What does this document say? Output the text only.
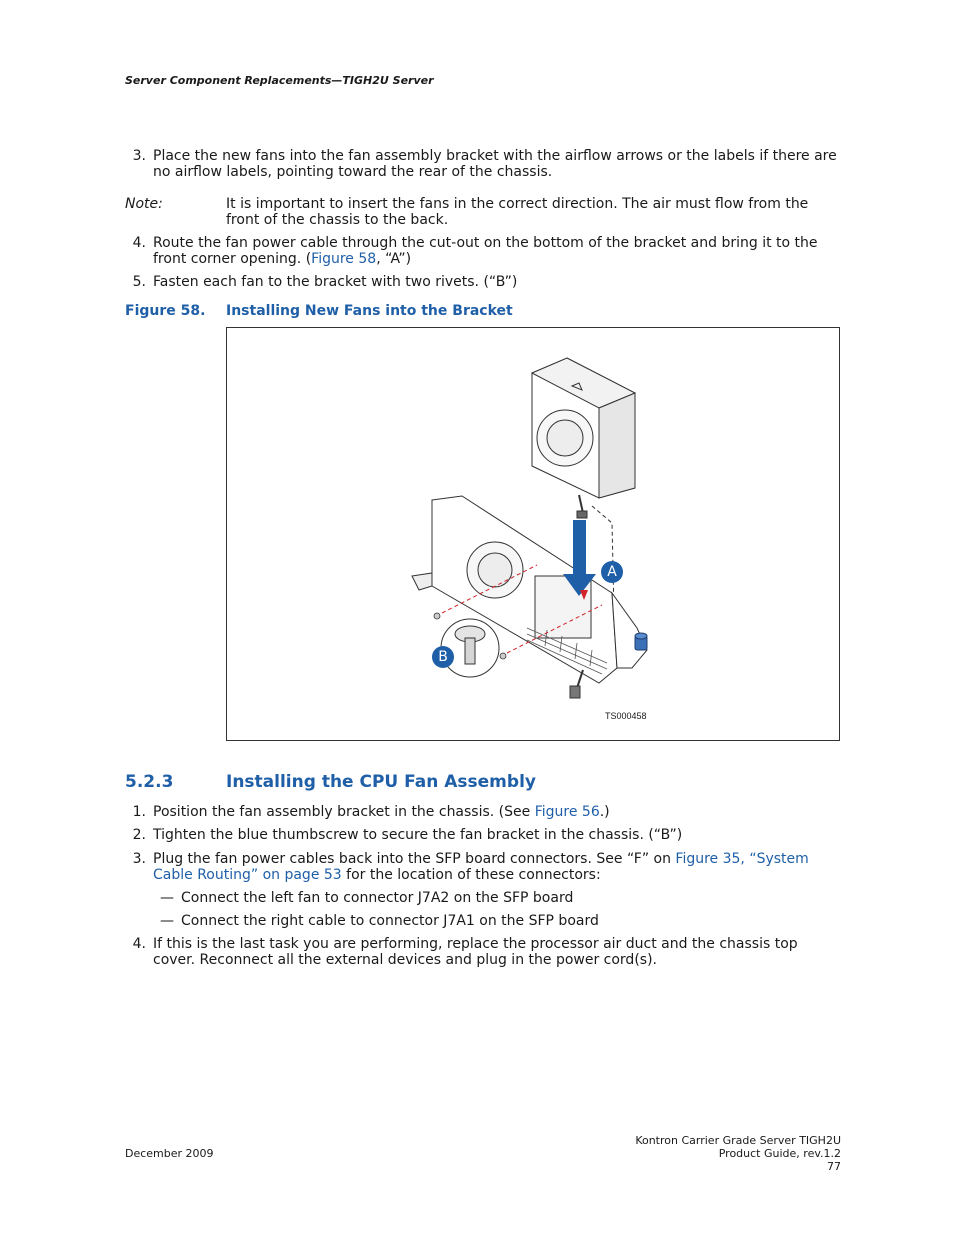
Server Component Replacements—TIGH2U Server
3. Place the new fans into the fan assembly bracket with the airflow arrows or the labels if there are
no airflow labels, pointing toward the rear of the chassis.
Note:	It is important to insert the fans in the correct direction. The air must flow from the
front of the chassis to the back.
4. Route the fan power cable through the cut-out on the bottom of the bracket and bring it to the
front corner opening. (Figure 58, “A”)
5. Fasten each fan to the bracket with two rivets. (“B”)
Figure 58. Installing New Fans into the Bracket
A
B
TS000458
5.2.3	Installing the CPU Fan Assembly
1. Position the fan assembly bracket in the chassis. (See Figure 56.)
2. Tighten the blue thumbscrew to secure the fan bracket in the chassis. (“B”)
3. Plug the fan power cables back into the SFP board connectors. See “F” on Figure 35, “System
Cable Routing” on page 53 for the location of these connectors:
— Connect the left fan to connector J7A2 on the SFP board
— Connect the right cable to connector J7A1 on the SFP board
4. If this is the last task you are performing, replace the processor air duct and the chassis top
cover. Reconnect all the external devices and plug in the power cord(s).
December 2009
Kontron Carrier Grade Server TIGH2U
Product Guide, rev.1.2
77
